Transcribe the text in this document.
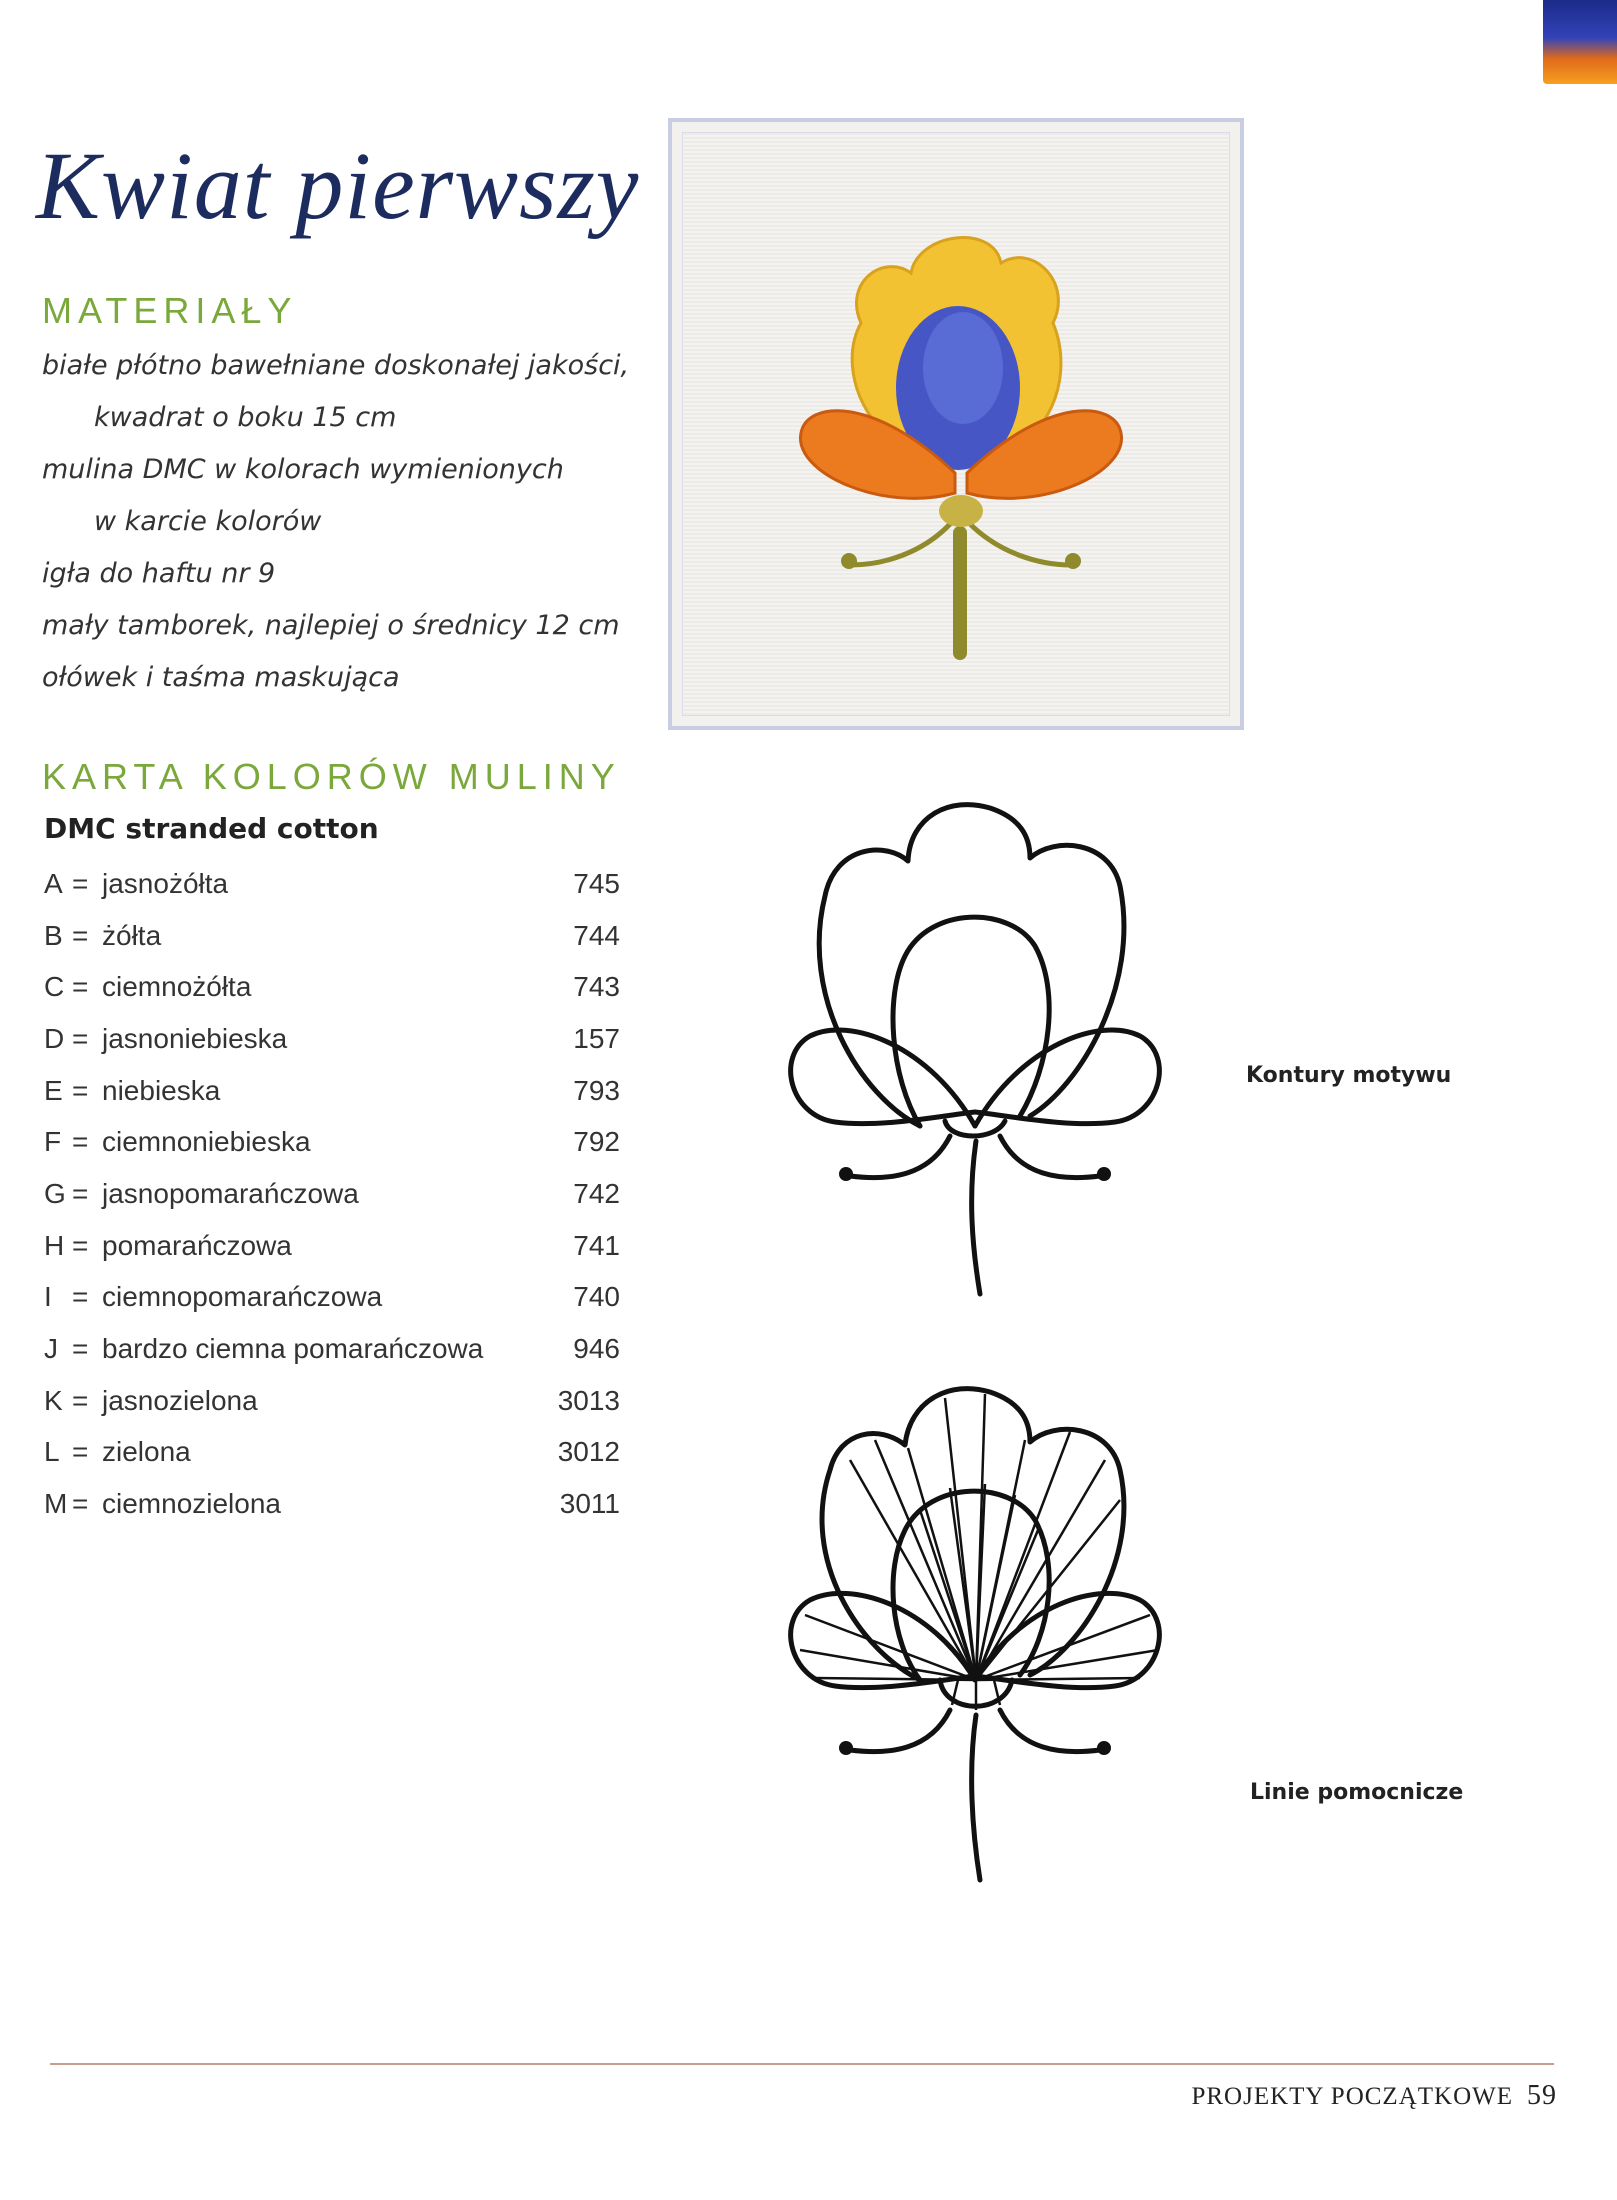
Kwiat pierwszy
MATERIAŁY
białe płótno bawełniane doskonałej jakości,
kwadrat o boku 15 cm
mulina DMC w kolorach wymienionych
w karcie kolorów
igła do haftu nr 9
mały tamborek, najlepiej o średnicy 12 cm
ołówek i taśma maskująca
KARTA KOLORÓW MULINY
DMC stranded cotton
A	=	jasnożółta	745
B	=	żółta	744
C	=	ciemnożółta	743
D	=	jasnoniebieska	157
E	=	niebieska	793
F	=	ciemnoniebieska	792
G	=	jasnopomarańczowa	742
H	=	pomarańczowa	741
I	=	ciemnopomarańczowa	740
J	=	bardzo ciemna pomarańczowa	946
K	=	jasnozielona	3013
L	=	zielona	3012
M	=	ciemnozielona	3011

Kontury motywu

Linie pomocnicze

PROJEKTY POCZĄTKOWE 59
